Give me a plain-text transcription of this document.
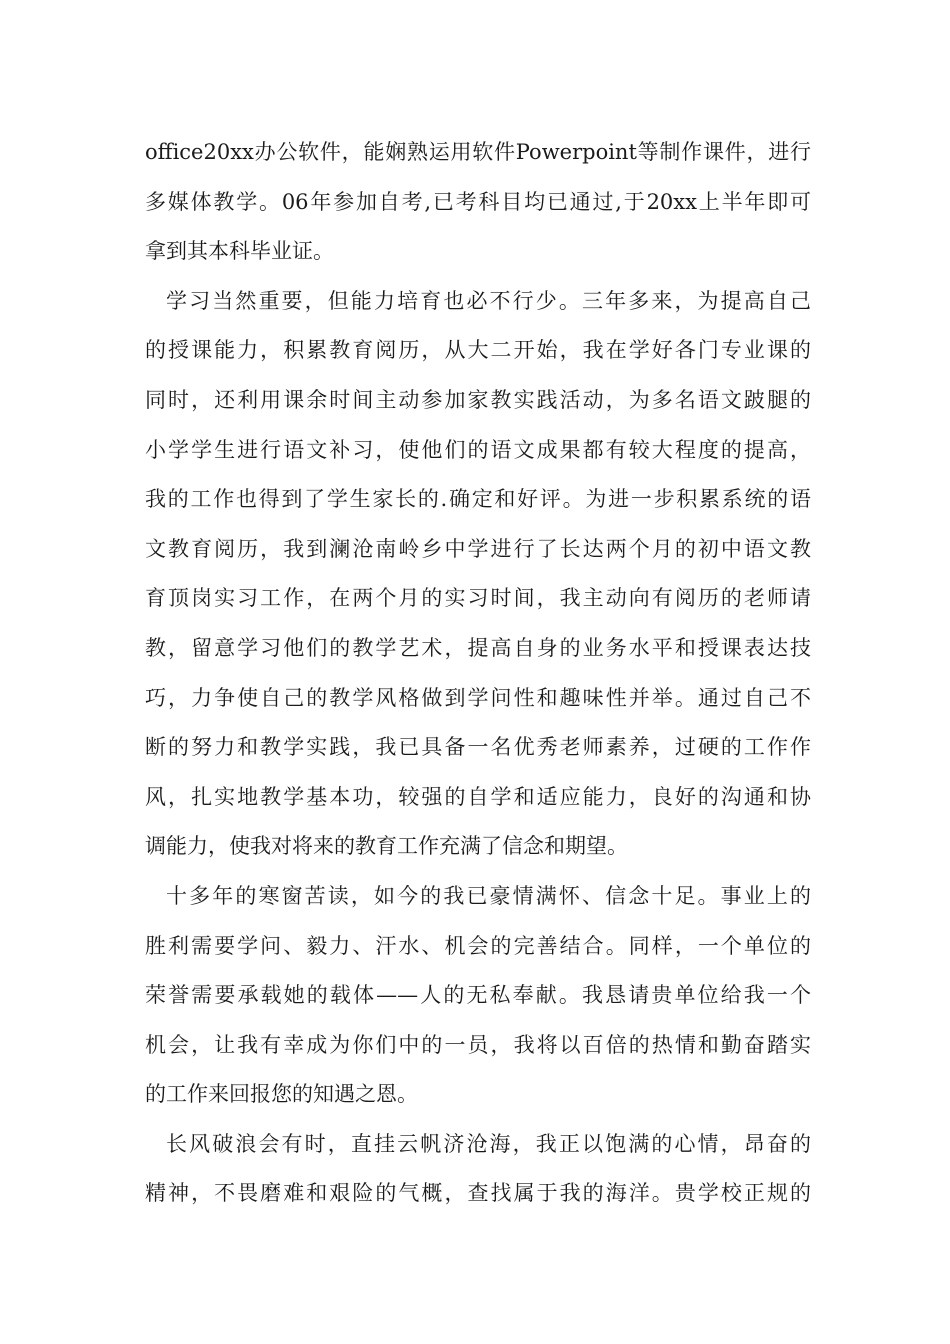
office20xx办公软件，能娴熟运用软件Powerpoint等制作课件，进行
多媒体教学。06年参加自考,已考科目均已通过,于20xx上半年即可
拿到其本科毕业证。
学习当然重要，但能力培育也必不行少。三年多来，为提高自己
的授课能力，积累教育阅历，从大二开始，我在学好各门专业课的
同时，还利用课余时间主动参加家教实践活动，为多名语文跛腿的
小学学生进行语文补习，使他们的语文成果都有较大程度的提高，
我的工作也得到了学生家长的.确定和好评。为进一步积累系统的语
文教育阅历，我到澜沧南岭乡中学进行了长达两个月的初中语文教
育顶岗实习工作，在两个月的实习时间，我主动向有阅历的老师请
教，留意学习他们的教学艺术，提高自身的业务水平和授课表达技
巧，力争使自己的教学风格做到学问性和趣味性并举。通过自己不
断的努力和教学实践，我已具备一名优秀老师素养，过硬的工作作
风，扎实地教学基本功，较强的自学和适应能力，良好的沟通和协
调能力，使我对将来的教育工作充满了信念和期望。
十多年的寒窗苦读，如今的我已豪情满怀、信念十足。事业上的
胜利需要学问、毅力、汗水、机会的完善结合。同样，一个单位的
荣誉需要承载她的载体——人的无私奉献。我恳请贵单位给我一个
机会，让我有幸成为你们中的一员，我将以百倍的热情和勤奋踏实
的工作来回报您的知遇之恩。
长风破浪会有时，直挂云帆济沧海，我正以饱满的心情，昂奋的
精神，不畏磨难和艰险的气概，查找属于我的海洋。贵学校正规的
